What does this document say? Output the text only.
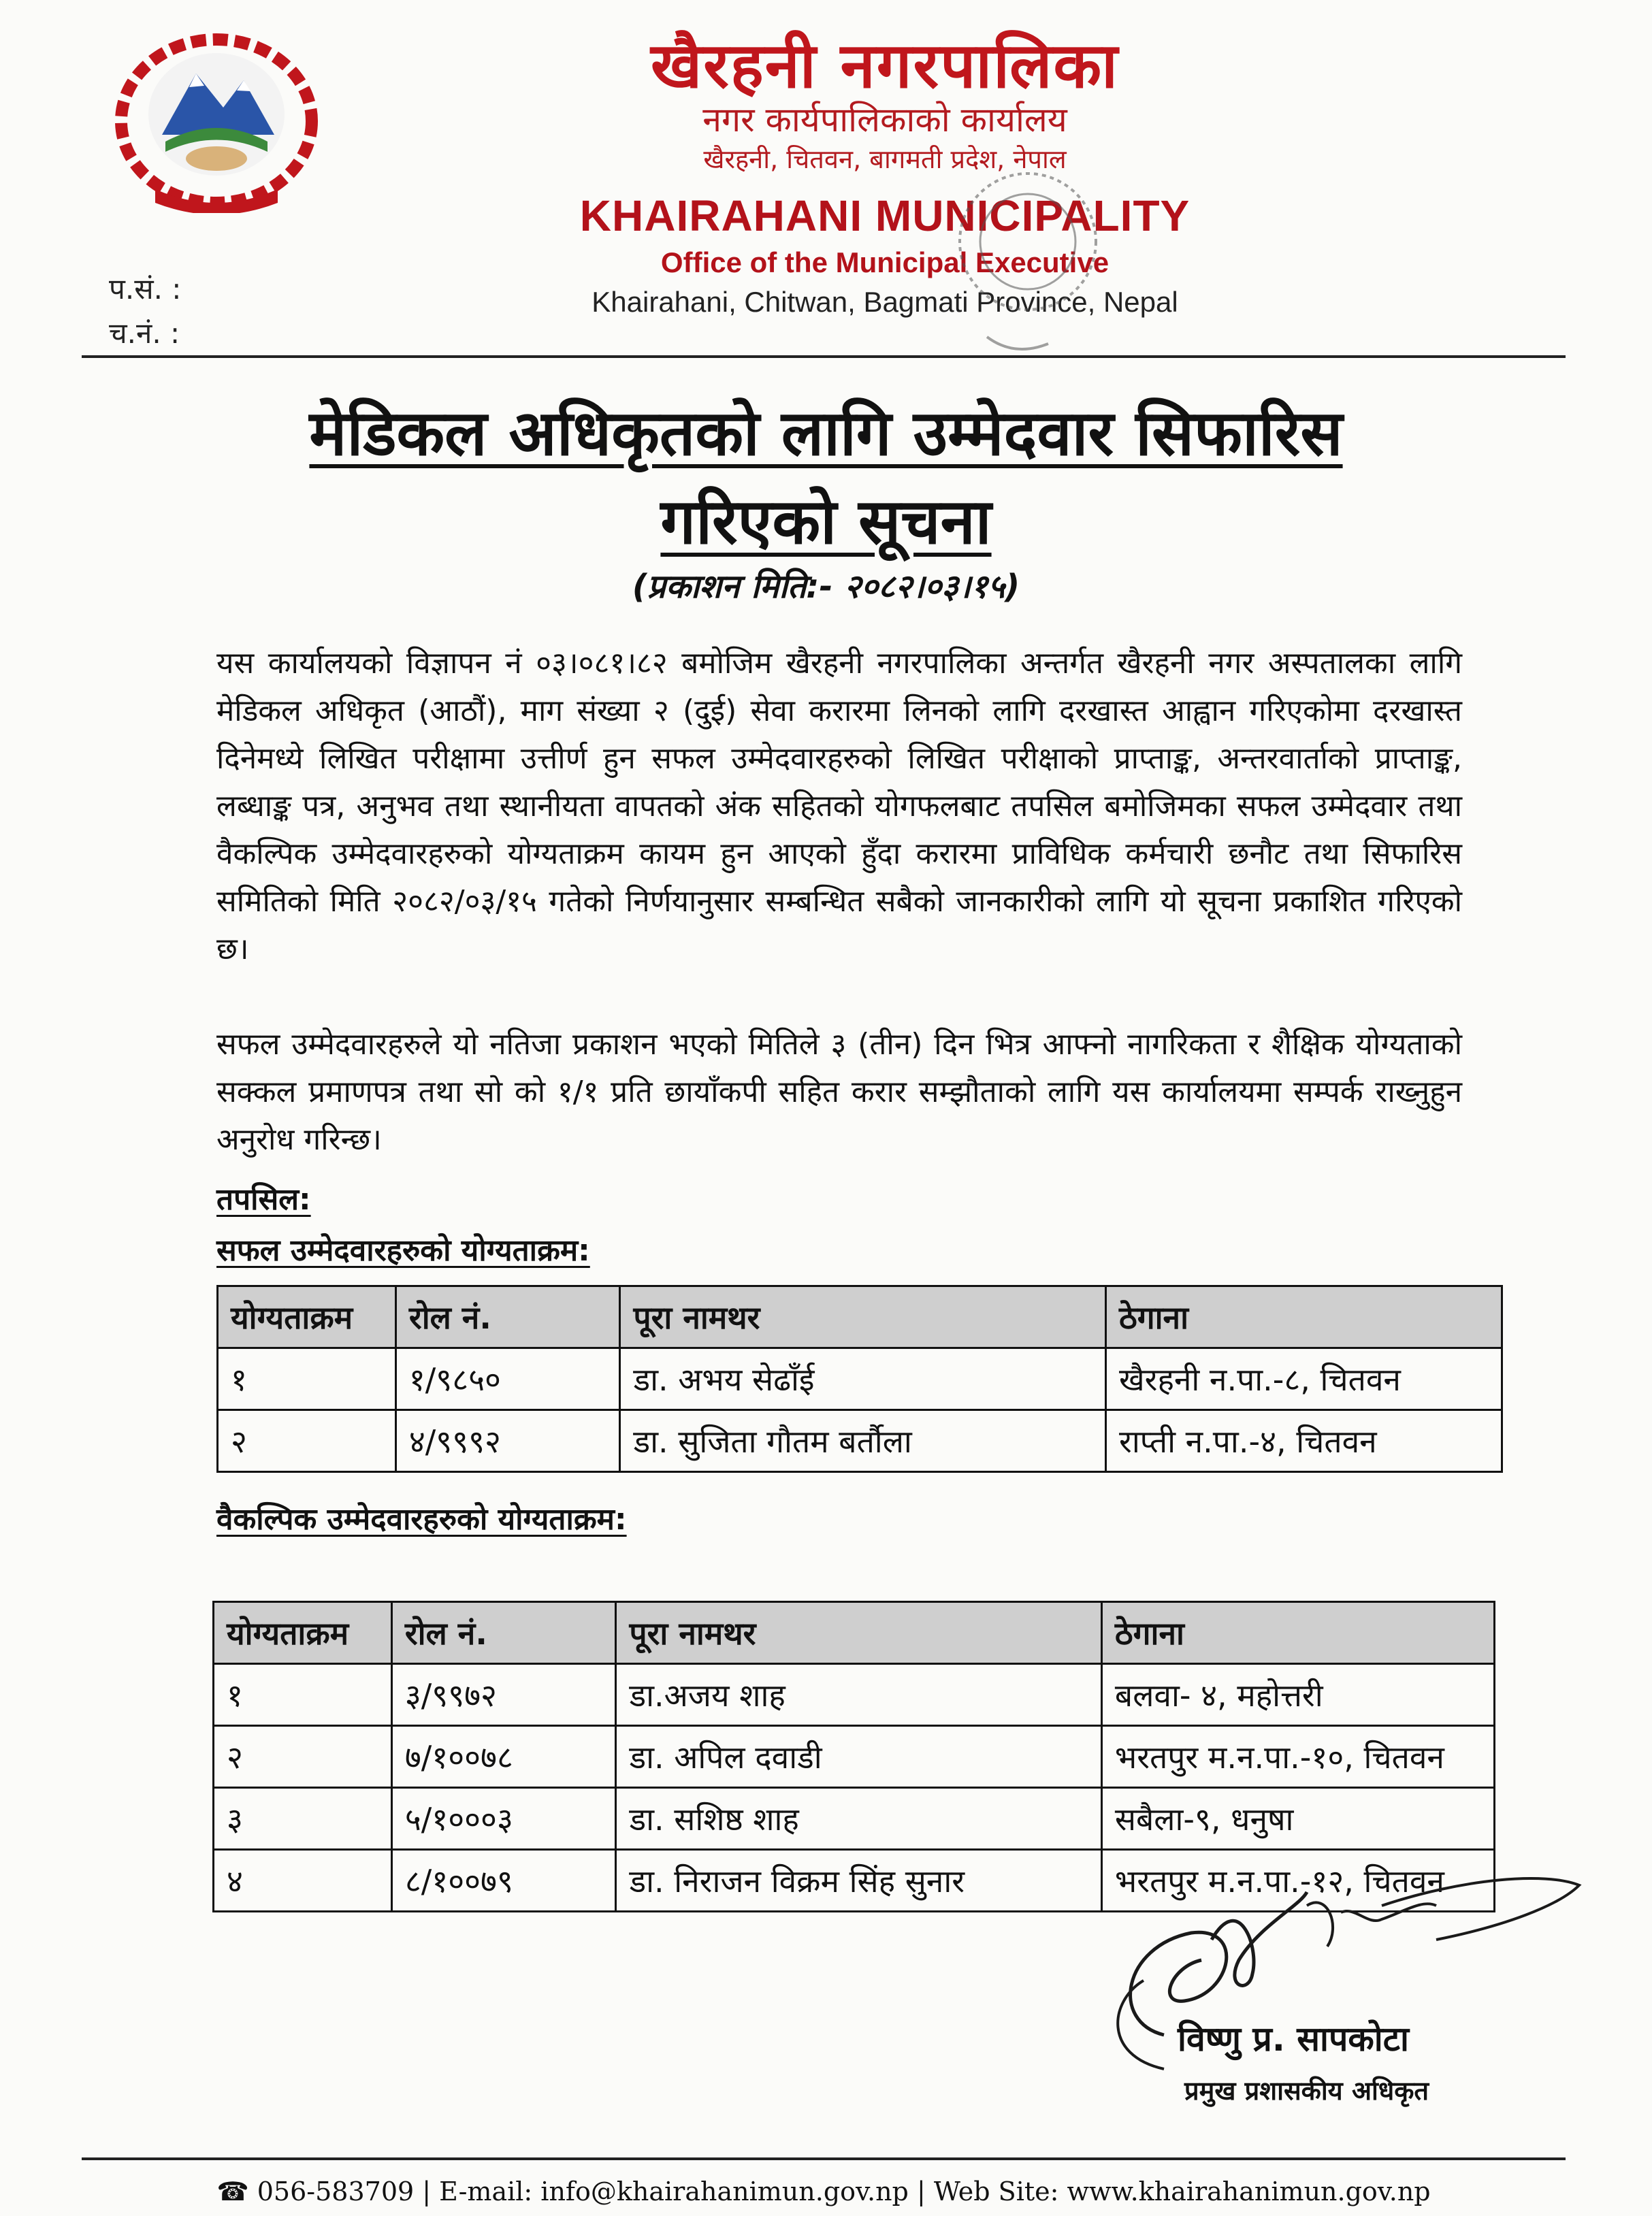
खैरहनी नगरपालिका
नगर कार्यपालिकाको कार्यालय
खैरहनी, चितवन, बागमती प्रदेश, नेपाल
KHAIRAHANI MUNICIPALITY
Office of the Municipal Executive
Khairahani, Chitwan, Bagmati Province, Nepal
प.सं. :
च.नं. :
मेडिकल अधिकृतको लागि उम्मेदवार सिफारिस
गरिएको सूचना
(प्रकाशन मिति:- २०८२।०३।१५)
यस कार्यालयको विज्ञापन नं ०३।०८१।८२ बमोजिम खैरहनी नगरपालिका अन्तर्गत खैरहनी नगर अस्पतालका लागि मेडिकल अधिकृत (आठौं), माग संख्या २ (दुई) सेवा करारमा लिनको लागि दरखास्त आह्वान गरिएकोमा दरखास्त दिनेमध्ये लिखित परीक्षामा उत्तीर्ण हुन सफल उम्मेदवारहरुको लिखित परीक्षाको प्राप्ताङ्क, अन्तरवार्ताको प्राप्ताङ्क, लब्धाङ्क पत्र, अनुभव तथा स्थानीयता वापतको अंक सहितको योगफलबाट तपसिल बमोजिमका सफल उम्मेदवार तथा वैकल्पिक उम्मेदवारहरुको योग्यताक्रम कायम हुन आएको हुँदा करारमा प्राविधिक कर्मचारी छनौट तथा सिफारिस समितिको मिति २०८२/०३/१५ गतेको निर्णयानुसार सम्बन्धित सबैको जानकारीको लागि यो सूचना प्रकाशित गरिएको छ।
सफल उम्मेदवारहरुले यो नतिजा प्रकाशन भएको मितिले ३ (तीन) दिन भित्र आफ्नो नागरिकता र शैक्षिक योग्यताको सक्कल प्रमाणपत्र तथा सो को १/१ प्रति छायाँकपी सहित करार सम्झौताको लागि यस कार्यालयमा सम्पर्क राख्नुहुन अनुरोध गरिन्छ।
तपसिल:
सफल उम्मेदवारहरुको योग्यताक्रम:
योग्यताक्रम	रोल नं.	पूरा नामथर	ठेगाना
१	१/९८५०	डा. अभय सेढाँई	खैरहनी न.पा.-८, चितवन
२	४/९९९२	डा. सुजिता गौतम बर्तौला	राप्ती न.पा.-४, चितवन
वैकल्पिक उम्मेदवारहरुको योग्यताक्रम:
योग्यताक्रम	रोल नं.	पूरा नामथर	ठेगाना
१	३/९९७२	डा.अजय शाह	बलवा- ४, महोत्तरी
२	७/१००७८	डा. अपिल दवाडी	भरतपुर म.न.पा.-१०, चितवन
३	५/१०००३	डा. सशिष्ठ शाह	सबैला-९, धनुषा
४	८/१००७९	डा. निराजन विक्रम सिंह सुनार	भरतपुर म.न.पा.-१२, चितवन
विष्णु प्र. सापकोटा
प्रमुख प्रशासकीय अधिकृत
☎ 056-583709 | E-mail: info@khairahanimun.gov.np | Web Site: www.khairahanimun.gov.np
